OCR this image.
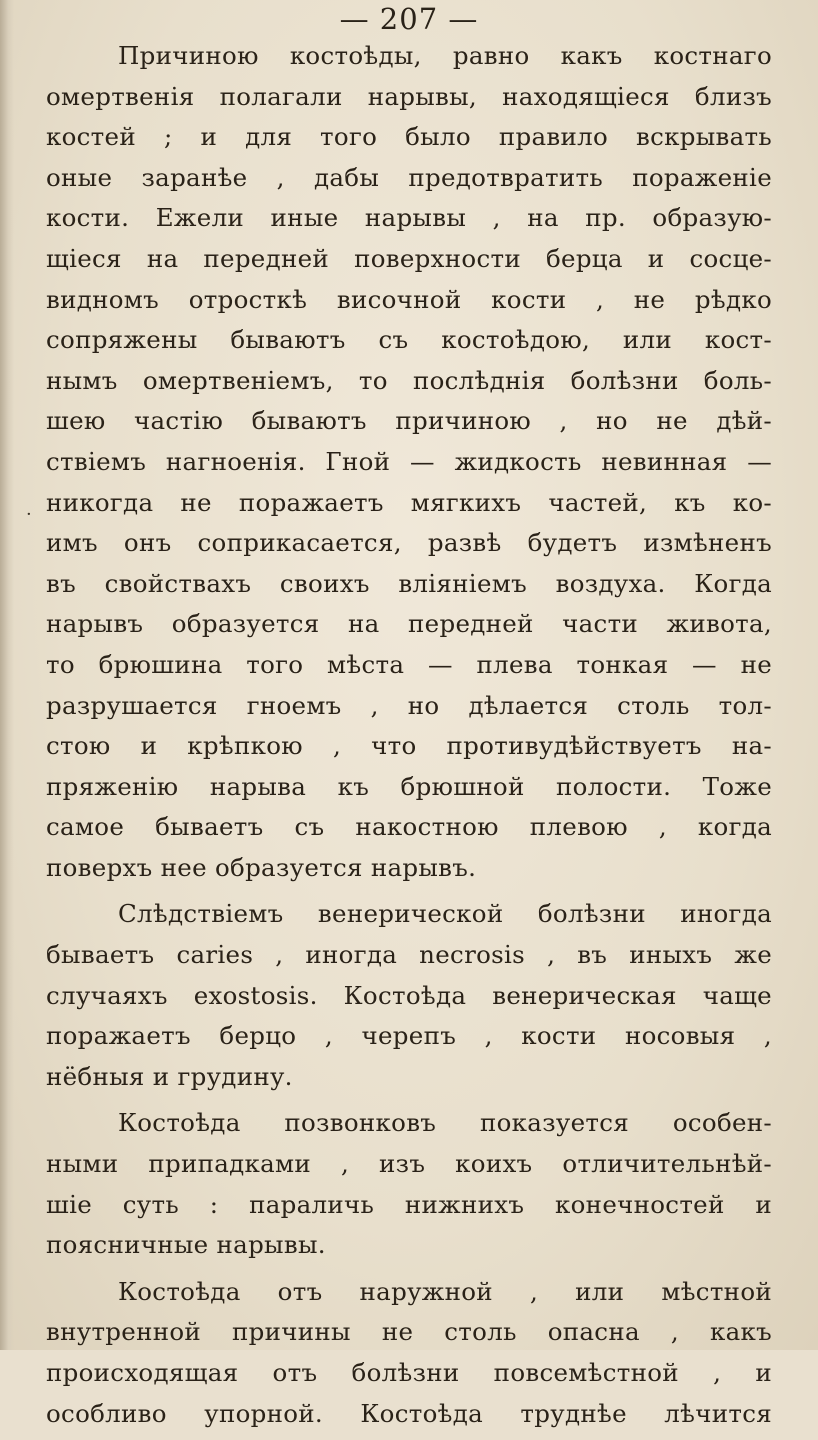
— 207 —
·
Причиною костоѣды, равно какъ костнаго
омертвенія полагали нарывы, находящіеся близъ
костей ; и для того было правило вскрывать
оные заранѣе , дабы предотвратить пораженіе
кости. Ежели иные нарывы , на пр. образую-
щіеся на передней поверхности берца и сосце-
видномъ отросткѣ височной кости , не рѣдко
сопряжены бываютъ съ костоѣдою, или кост-
нымъ омертвеніемъ, то послѣднія болѣзни боль-
шею частію бываютъ причиною , но не дѣй-
ствіемъ нагноенія. Гной — жидкость невинная —
никогда не поражаетъ мягкихъ частей, къ ко-
имъ онъ соприкасается, развѣ будетъ измѣненъ
въ свойствахъ своихъ вліяніемъ воздуха. Когда
нарывъ образуется на передней части живота,
то брюшина того мѣста — плева тонкая — не
разрушается гноемъ , но дѣлается столь тол-
стою и крѣпкою , что противудѣйствуетъ на-
пряженію нарыва къ брюшной полости. Тоже
самое бываетъ съ накостною плевою , когда
поверхъ нее образуется нарывъ.
Слѣдствіемъ венерической болѣзни иногда
бываетъ caries , иногда necrosis , въ иныхъ же
случаяхъ exostosis. Костоѣда венерическая чаще
поражаетъ берцо , черепъ , кости носовыя ,
нёбныя и грудину.
Костоѣда позвонковъ показуется особен-
ными припадками , изъ коихъ отличительнѣй-
шіе суть : параличь нижнихъ конечностей и
поясничные нарывы.
Костоѣда отъ наружной , или мѣстной
внутренной причины не столь опасна , какъ
происходящая отъ болѣзни повсемѣстной , и
особливо упорной. Костоѣда труднѣе лѣчится
